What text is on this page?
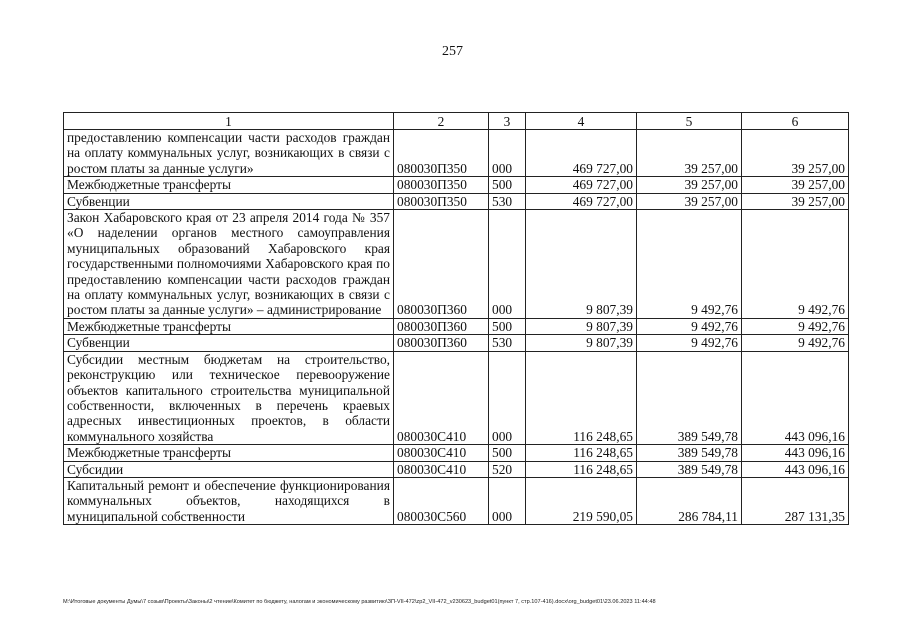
257
1	2	3	4	5	6
предоставлению компенсации части расходов граждан на оплату коммунальных услуг, возникающих в связи с ростом платы за данные услуги»	080030П350	000	469 727,00	39 257,00	39 257,00
Межбюджетные трансферты	080030П350	500	469 727,00	39 257,00	39 257,00
Субвенции	080030П350	530	469 727,00	39 257,00	39 257,00
Закон Хабаровского края от 23 апреля 2014 года № 357 «О наделении органов местного самоуправления муниципальных образований Хабаровского края государственными полномочиями Хабаровского края по предоставлению компенсации части расходов граждан на оплату коммунальных услуг, возникающих в связи с ростом платы за данные услуги» – администрирование	080030П360	000	9 807,39	9 492,76	9 492,76
Межбюджетные трансферты	080030П360	500	9 807,39	9 492,76	9 492,76
Субвенции	080030П360	530	9 807,39	9 492,76	9 492,76
Субсидии местным бюджетам на строительство, реконструкцию или техническое перевооружение объектов капитального строительства муниципальной собственности, включенных в перечень краевых адресных инвестиционных проектов, в области коммунального хозяйства	080030С410	000	116 248,65	389 549,78	443 096,16
Межбюджетные трансферты	080030С410	500	116 248,65	389 549,78	443 096,16
Субсидии	080030С410	520	116 248,65	389 549,78	443 096,16
Капитальный ремонт и обеспечение функционирования коммунальных объектов, находящихся в муниципальной собственности	080030С560	000	219 590,05	286 784,11	287 131,35
M:\Итоговые документы Думы\7 созыв\Проекты\Законы\2 чтение\Комитет по бюджету, налогам и экономическому развитию\ЗП-VII-472\zp2_VII-472_v230623_budget01(пункт 7, стр.107-416).docx\org_budget01\23.06.2023 11:44:48
